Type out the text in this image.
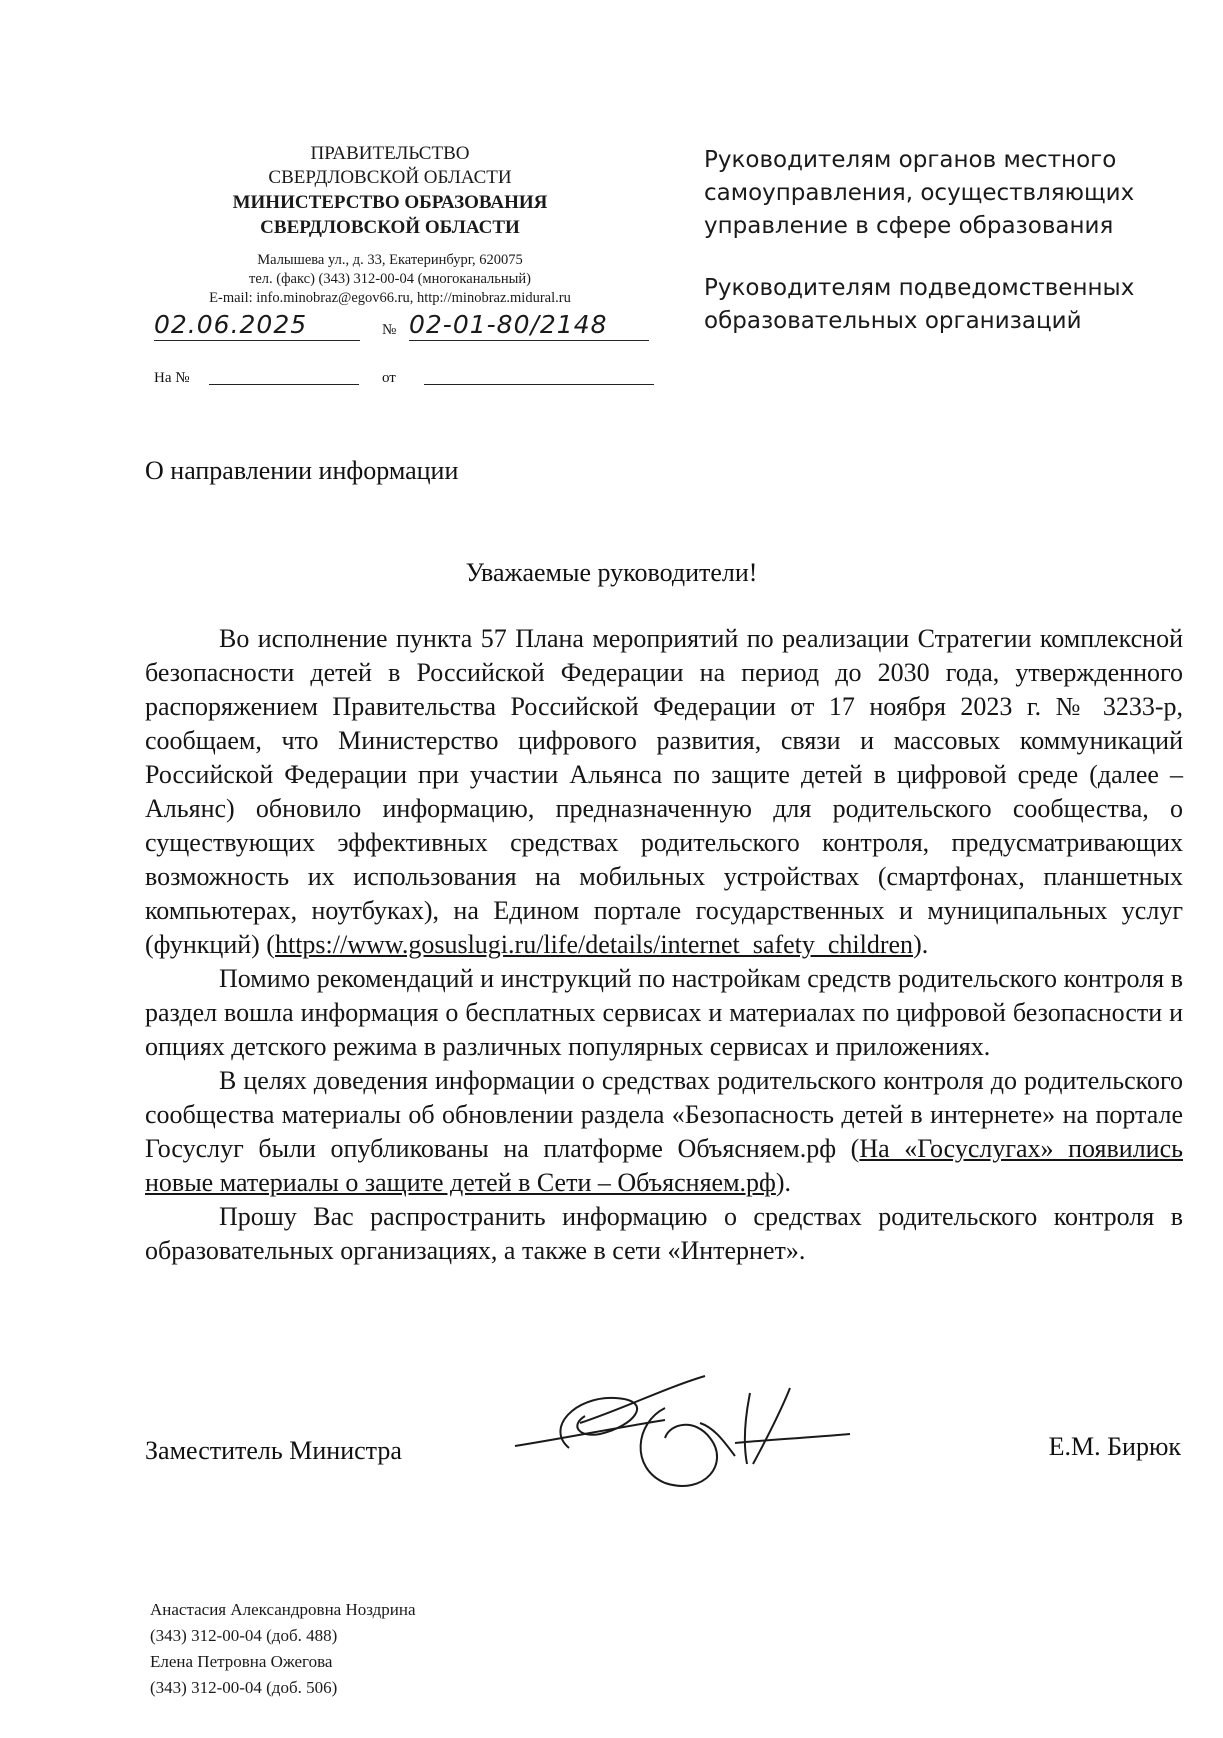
ПРАВИТЕЛЬСТВО
СВЕРДЛОВСКОЙ ОБЛАСТИ
МИНИСТЕРСТВО ОБРАЗОВАНИЯ
СВЕРДЛОВСКОЙ ОБЛАСТИ
Малышева ул., д. 33, Екатеринбург, 620075
тел. (факс) (343) 312-00-04 (многоканальный)
E-mail: info.minobraz@egov66.ru, http://minobraz.midural.ru
02.06.2025	№ 02-01-80/2148
На №	от

Руководителям органов местного самоуправления, осуществляющих управление в сфере образования

Руководителям подведомственных образовательных организаций

О направлении информации
Уважаемые руководители!

Во исполнение пункта 57 Плана мероприятий по реализации Стратегии комплексной безопасности детей в Российской Федерации на период до 2030 года, утвержденного распоряжением Правительства Российской Федерации от 17 ноября 2023 г. № 3233-р, сообщаем, что Министерство цифрового развития, связи и массовых коммуникаций Российской Федерации при участии Альянса по защите детей в цифровой среде (далее – Альянс) обновило информацию, предназначенную для родительского сообщества, о существующих эффективных средствах родительского контроля, предусматривающих возможность их использования на мобильных устройствах (смартфонах, планшетных компьютерах, ноутбуках), на Едином портале государственных и муниципальных услуг (функций) (https://www.gosuslugi.ru/life/details/internet_safety_children).

Помимо рекомендаций и инструкций по настройкам средств родительского контроля в раздел вошла информация о бесплатных сервисах и материалах по цифровой безопасности и опциях детского режима в различных популярных сервисах и приложениях.

В целях доведения информации о средствах родительского контроля до родительского сообщества материалы об обновлении раздела «Безопасность детей в интернете» на портале Госуслуг были опубликованы на платформе Объясняем.рф (На «Госуслугах» появились новые материалы о защите детей в Сети – Объясняем.рф).

Прошу Вас распространить информацию о средствах родительского контроля в образовательных организациях, а также в сети «Интернет».

Заместитель Министра	Е.М. Бирюк
Анастасия Александровна Ноздрина
(343) 312-00-04 (доб. 488)
Елена Петровна Ожегова
(343) 312-00-04 (доб. 506)
